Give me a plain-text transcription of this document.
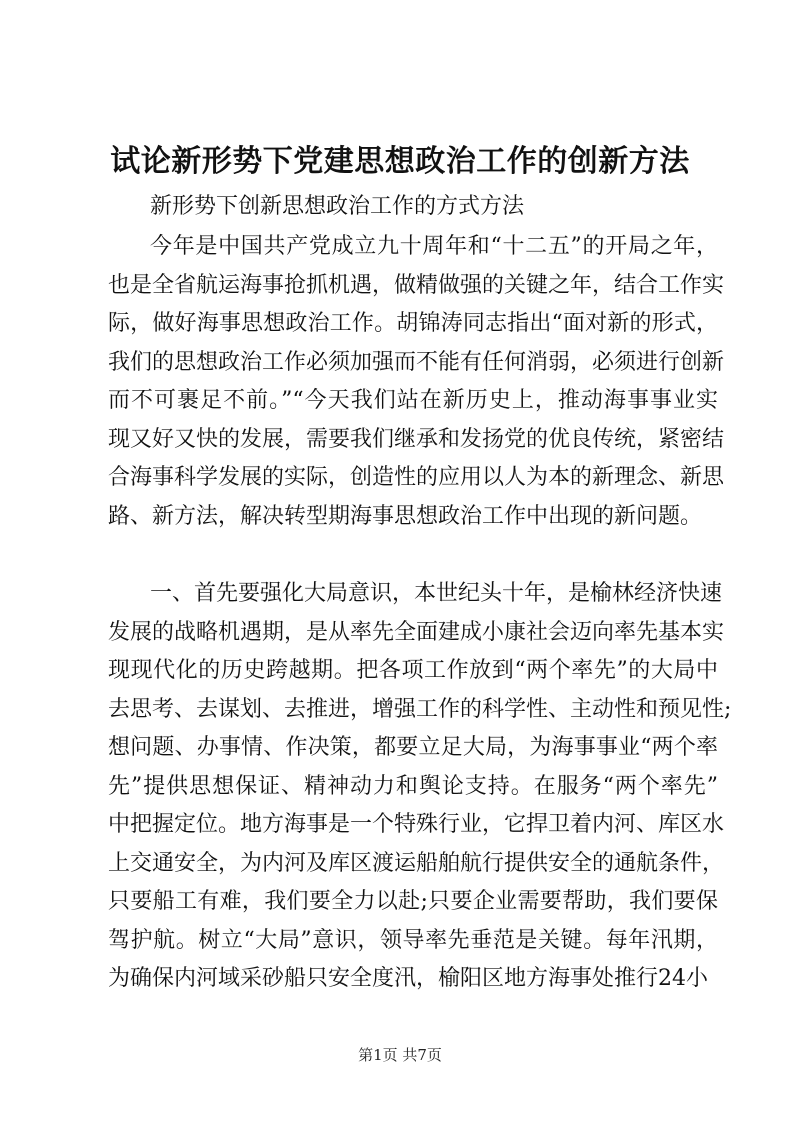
试论新形势下党建思想政治工作的创新方法
新形势下创新思想政治工作的方式方法
今年是中国共产党成立九十周年和“十二五”的开局之年，
也是全省航运海事抢抓机遇，做精做强的关键之年，结合工作实
际，做好海事思想政治工作。胡锦涛同志指出“面对新的形式，
我们的思想政治工作必须加强而不能有任何消弱，必须进行创新
而不可裹足不前。”“今天我们站在新历史上，推动海事事业实
现又好又快的发展，需要我们继承和发扬党的优良传统，紧密结
合海事科学发展的实际，创造性的应用以人为本的新理念、新思
路、新方法，解决转型期海事思想政治工作中出现的新问题。
一、首先要强化大局意识，本世纪头十年，是榆林经济快速
发展的战略机遇期，是从率先全面建成小康社会迈向率先基本实
现现代化的历史跨越期。把各项工作放到“两个率先”的大局中
去思考、去谋划、去推进，增强工作的科学性、主动性和预见性;
想问题、办事情、作决策，都要立足大局，为海事事业“两个率
先”提供思想保证、精神动力和舆论支持。在服务“两个率先”
中把握定位。地方海事是一个特殊行业，它捍卫着内河、库区水
上交通安全，为内河及库区渡运船舶航行提供安全的通航条件，
只要船工有难，我们要全力以赴;只要企业需要帮助，我们要保
驾护航。树立“大局”意识，领导率先垂范是关键。每年汛期，
为确保内河域采砂船只安全度汛，榆阳区地方海事处推行24小
第1页 共7页
